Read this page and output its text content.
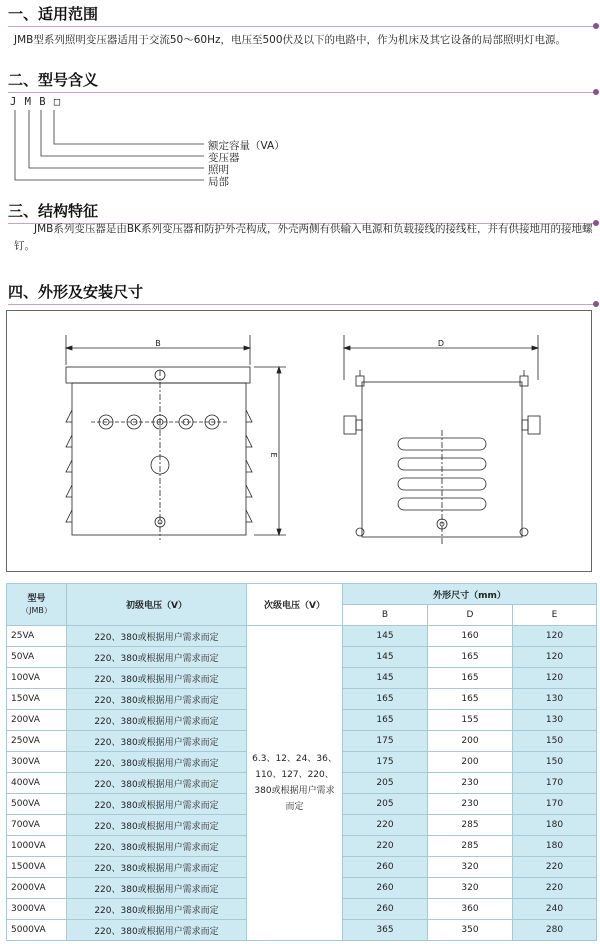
一、适用范围
JMB型系列照明变压器适用于交流50～60Hz，电压至500伏及以下的电路中，作为机床及其它设备的局部照明灯电源。
二、型号含义
J M B □
额定容量（VA）
变压器
照明
局部
三、结构特征
JMB系列变压器是由BK系列变压器和防护外壳构成，外壳两侧有供输入电源和负载接线的接线柱，并有供接地用的接地螺钉。
四、外形及安装尺寸
B
E
D
型号
（JMB）	初级电压（V）	次级电压（V）	外形尺寸（mm）		
			B	D	E
25VA	220、380或根据用户需求而定	6.3、12、24、36、110、127、220、380或根据用户需求而定	145	160	120
50VA	220、380或根据用户需求而定		145	165	120
100VA	220、380或根据用户需求而定		145	165	120
150VA	220、380或根据用户需求而定		165	165	130
200VA	220、380或根据用户需求而定		165	155	130
250VA	220、380或根据用户需求而定		175	200	150
300VA	220、380或根据用户需求而定		175	200	150
400VA	220、380或根据用户需求而定		205	230	170
500VA	220、380或根据用户需求而定		205	230	170
700VA	220、380或根据用户需求而定		220	285	180
1000VA	220、380或根据用户需求而定		220	285	180
1500VA	220、380或根据用户需求而定		260	320	220
2000VA	220、380或根据用户需求而定		260	320	220
3000VA	220、380或根据用户需求而定		260	360	240
5000VA	220、380或根据用户需求而定		365	350	280
